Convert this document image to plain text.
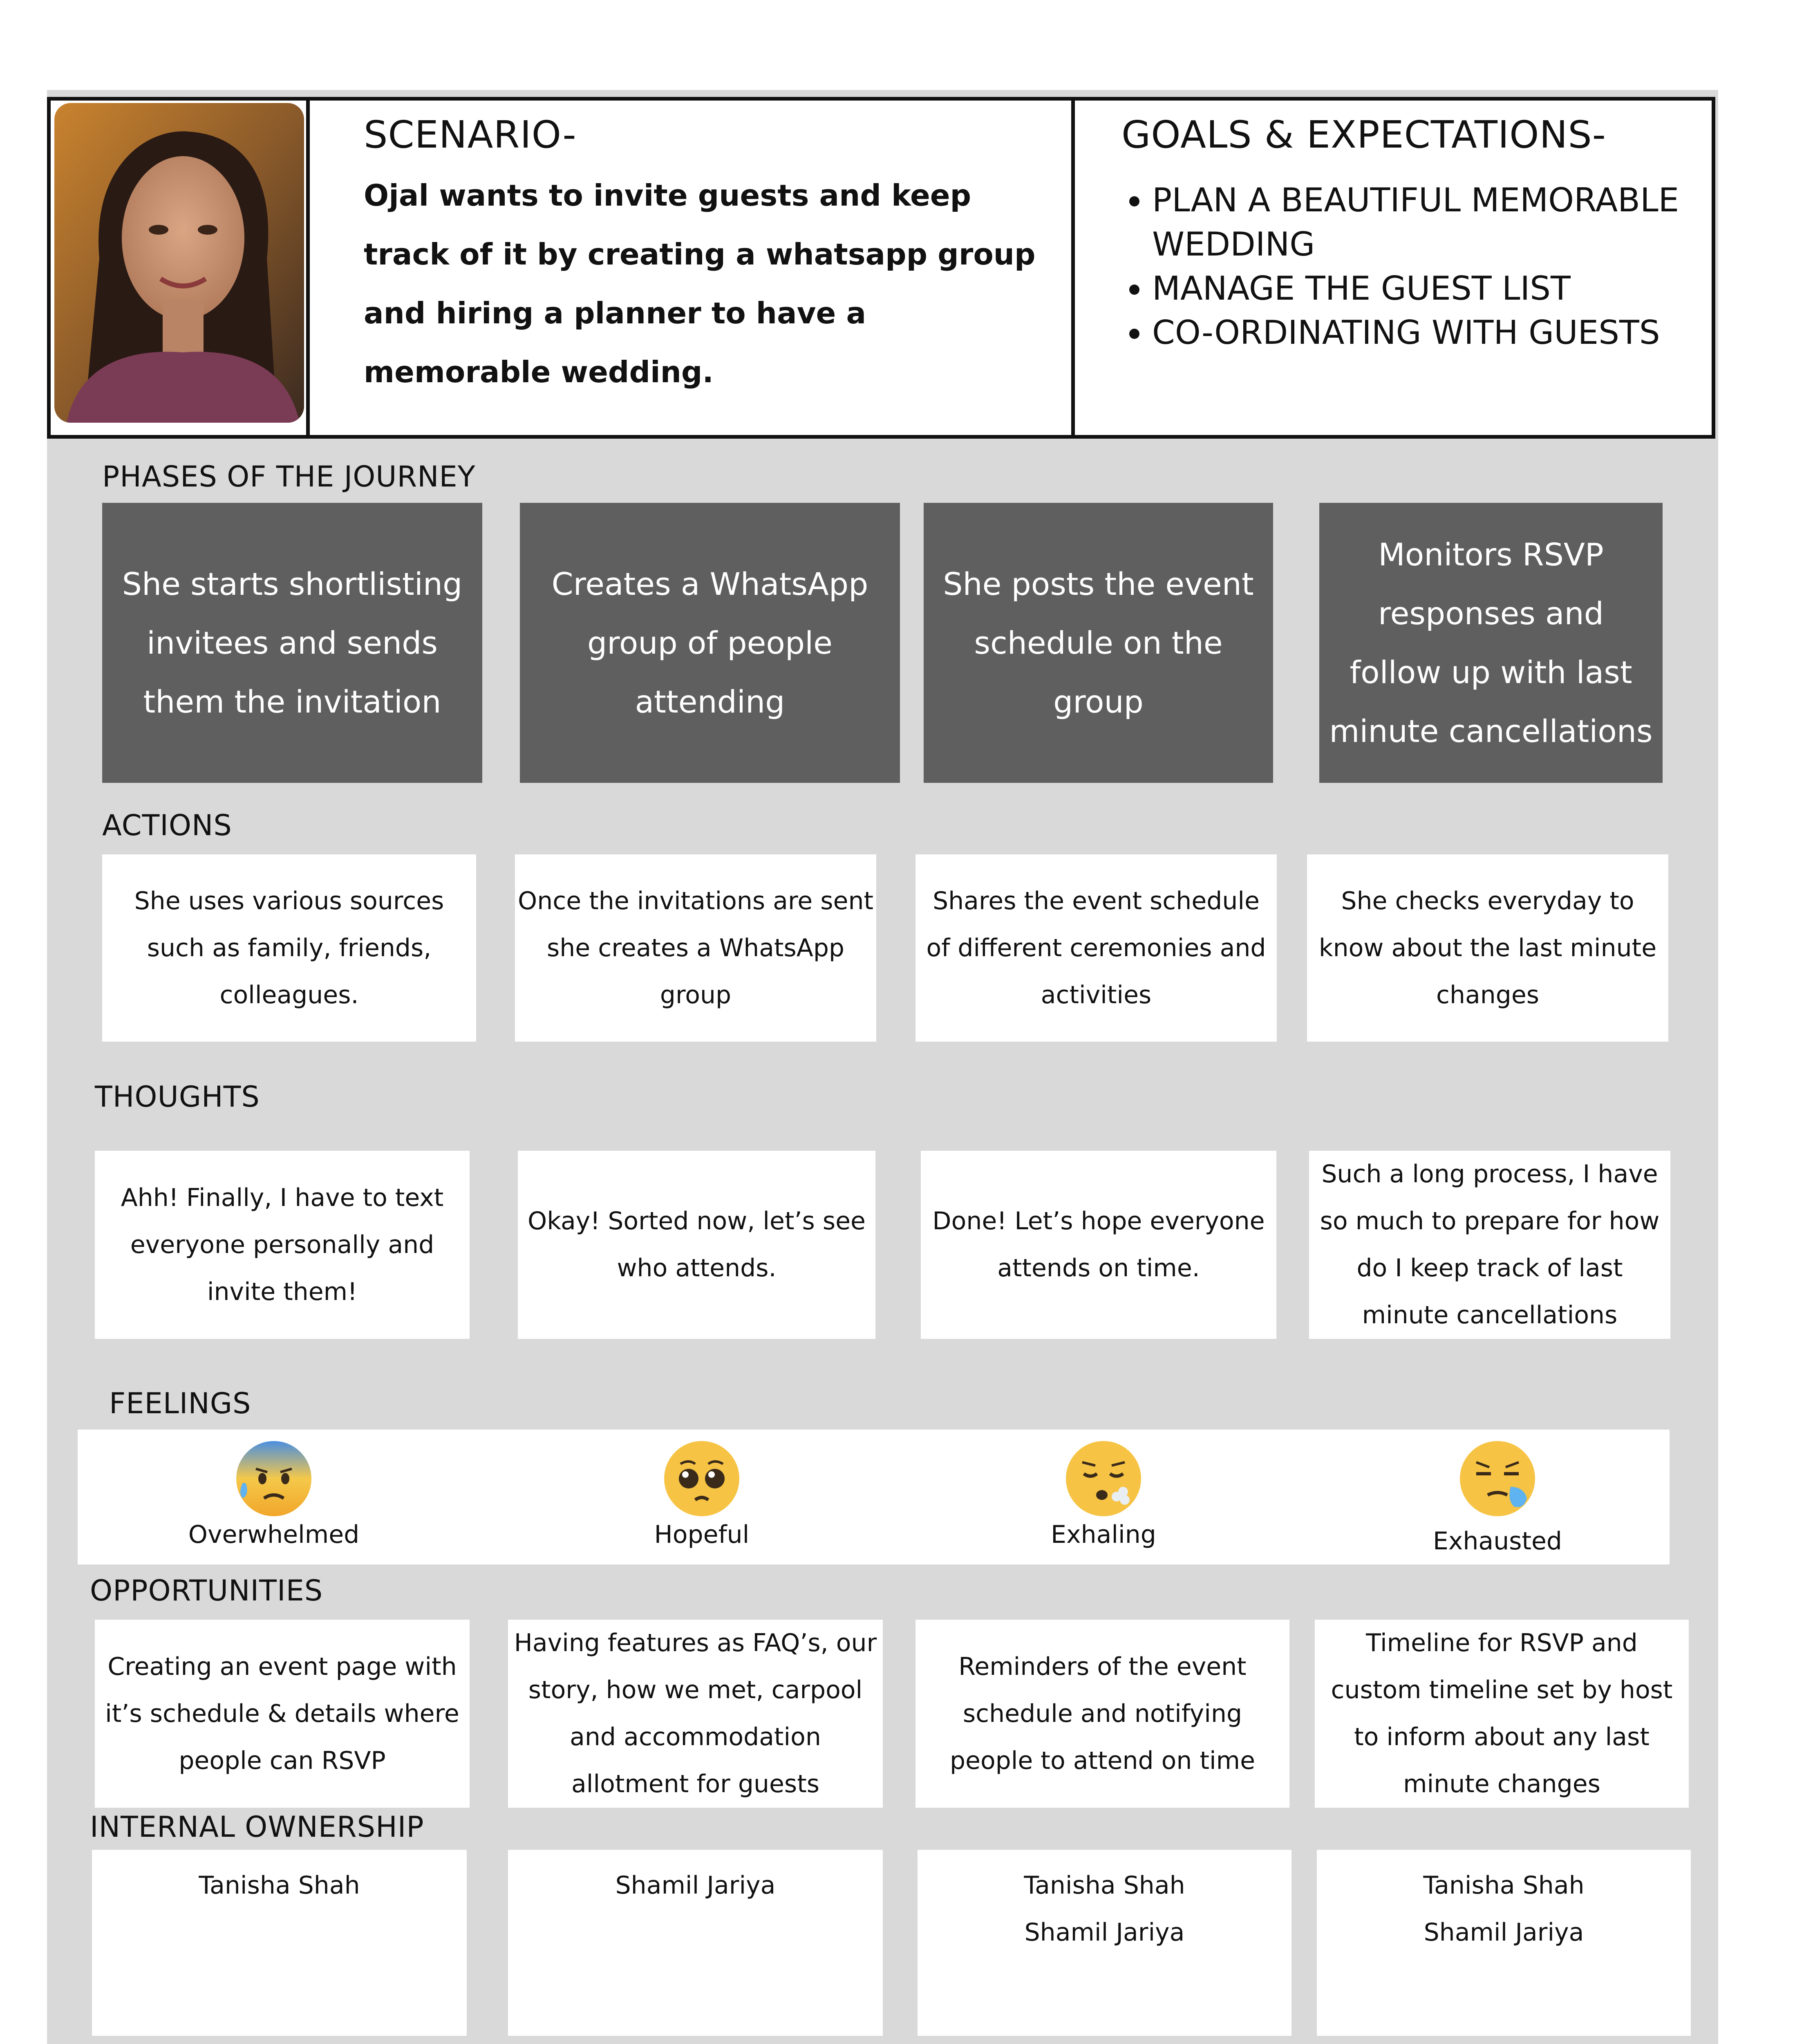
SCENARIO-
Ojal wants to invite guests and keep track of it by creating a whatsapp group and hiring a planner to have a memorable wedding.
GOALS & EXPECTATIONS-
• PLAN A BEAUTIFUL MEMORABLE WEDDING
• MANAGE THE GUEST LIST
• CO-ORDINATING WITH GUESTS
PHASES OF THE JOURNEY
She starts shortlisting invitees and sends them the invitation
Creates a WhatsApp group of people attending
She posts the event schedule on the group
Monitors RSVP responses and follow up with last minute cancellations
ACTIONS
She uses various sources such as family, friends, colleagues.
Once the invitations are sent she creates a WhatsApp group
Shares the event schedule of different ceremonies and activities
She checks everyday to know about the last minute changes
THOUGHTS
Ahh! Finally, I have to text everyone personally and invite them!
Okay! Sorted now, let’s see who attends.
Done! Let’s hope everyone attends on time.
Such a long process, I have so much to prepare for how do I keep track of last minute cancellations
FEELINGS
Overwhelmed	Hopeful	Exhaling	Exhausted
OPPORTUNITIES
Creating an event page with it’s schedule & details where people can RSVP
Having features as FAQ’s, our story, how we met, carpool and accommodation allotment for guests
Reminders of the event schedule and notifying people to attend on time
Timeline for RSVP and custom timeline set by host to inform about any last minute changes
INTERNAL OWNERSHIP
Tanisha Shah	Shamil Jariya	Tanisha Shah
Shamil Jariya
Tanisha Shah
Shamil Jariya
